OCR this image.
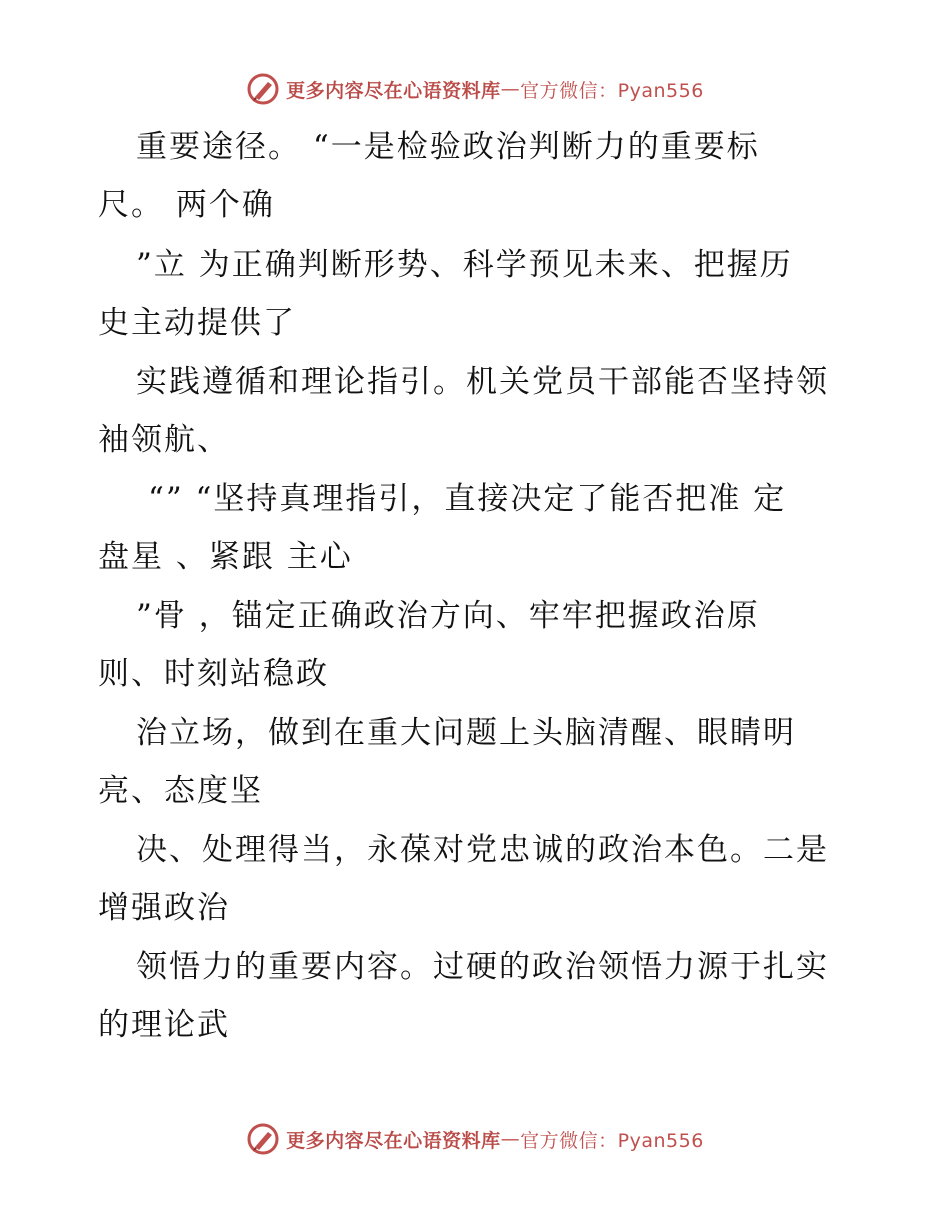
更多内容尽在心语资料库 — 官方微信：Pyan556
重要途径。 “一是检验政治判断力的重要标
尺。 两个确
”立 为正确判断形势、科学预见未来、把握历
史主动提供了
实践遵循和理论指引。机关党员干部能否坚持领
袖领航、
“” “坚持真理指引，直接决定了能否把准 定
盘星 、紧跟 主心
”骨 ，锚定正确政治方向、牢牢把握政治原
则、时刻站稳政
治立场，做到在重大问题上头脑清醒、眼睛明
亮、态度坚
决、处理得当，永葆对党忠诚的政治本色。二是
增强政治
领悟力的重要内容。过硬的政治领悟力源于扎实
的理论武
更多内容尽在心语资料库 — 官方微信：Pyan556
